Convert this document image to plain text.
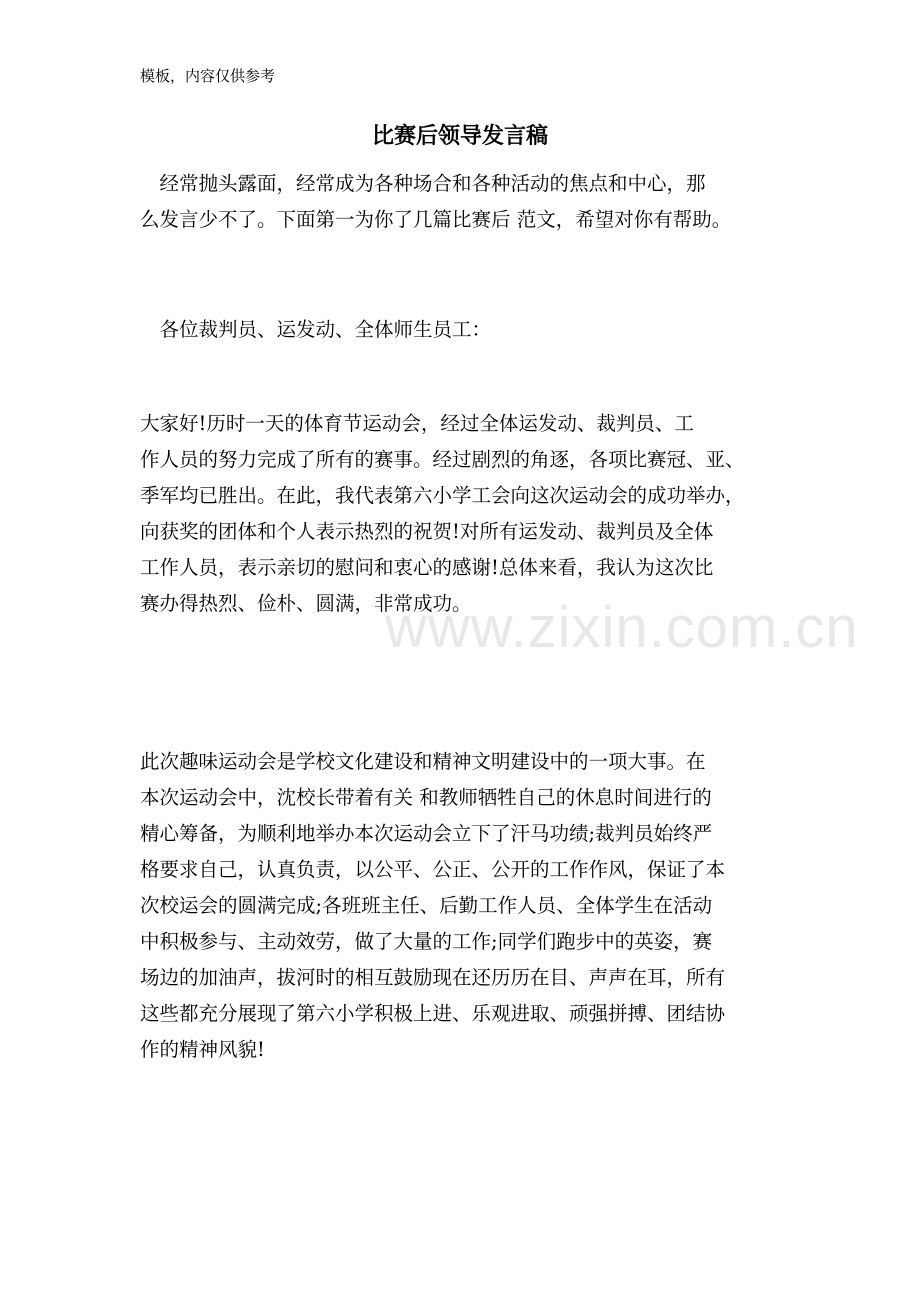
模板，内容仅供参考
比赛后领导发言稿
　经常抛头露面，经常成为各种场合和各种活动的焦点和中心，那
么发言少不了。下面第一为你了几篇比赛后 范文，希望对你有帮助。
　各位裁判员、运发动、全体师生员工：
大家好!历时一天的体育节运动会，经过全体运发动、裁判员、工
作人员的努力完成了所有的赛事。经过剧烈的角逐，各项比赛冠、亚、
季军均已胜出。在此，我代表第六小学工会向这次运动会的成功举办，
向获奖的团体和个人表示热烈的祝贺!对所有运发动、裁判员及全体
工作人员，表示亲切的慰问和衷心的感谢!总体来看，我认为这次比
赛办得热烈、俭朴、圆满，非常成功。
此次趣味运动会是学校文化建设和精神文明建设中的一项大事。在
本次运动会中，沈校长带着有关 和教师牺牲自己的休息时间进行的
精心筹备，为顺利地举办本次运动会立下了汗马功绩;裁判员始终严
格要求自己，认真负责，以公平、公正、公开的工作作风，保证了本
次校运会的圆满完成;各班班主任、后勤工作人员、全体学生在活动
中积极参与、主动效劳，做了大量的工作;同学们跑步中的英姿，赛
场边的加油声，拔河时的相互鼓励现在还历历在目、声声在耳，所有
这些都充分展现了第六小学积极上进、乐观进取、顽强拼搏、团结协
作的精神风貌!
www.zixin.com.cn
